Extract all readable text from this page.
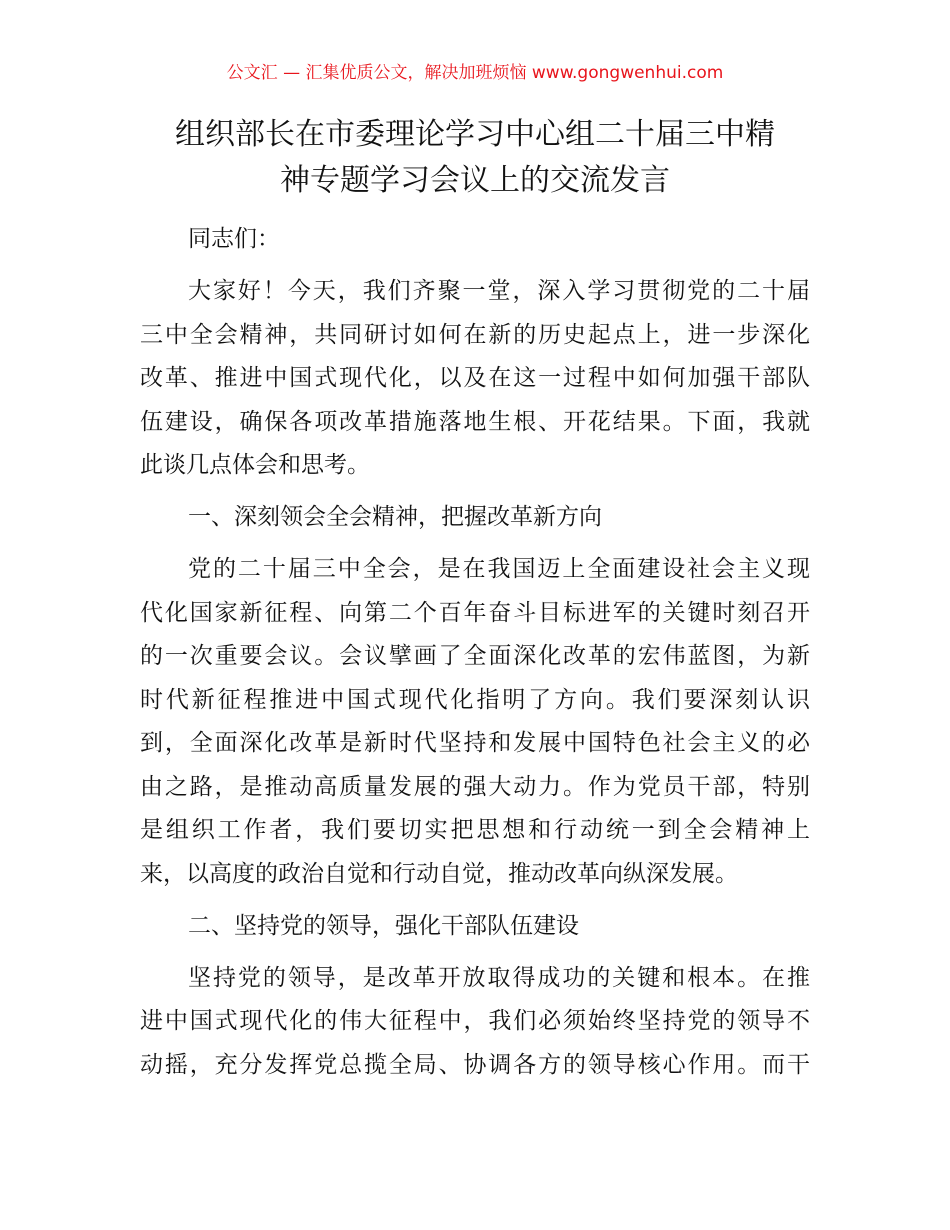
公文汇 — 汇集优质公文，解决加班烦恼 www.gongwenhui.com
组织部长在市委理论学习中心组二十届三中精
神专题学习会议上的交流发言
同志们：
大家好！今天，我们齐聚一堂，深入学习贯彻党的二十届
三中全会精神，共同研讨如何在新的历史起点上，进一步深化
改革、推进中国式现代化，以及在这一过程中如何加强干部队
伍建设，确保各项改革措施落地生根、开花结果。下面，我就
此谈几点体会和思考。
一、深刻领会全会精神，把握改革新方向
党的二十届三中全会，是在我国迈上全面建设社会主义现
代化国家新征程、向第二个百年奋斗目标进军的关键时刻召开
的一次重要会议。会议擘画了全面深化改革的宏伟蓝图，为新
时代新征程推进中国式现代化指明了方向。我们要深刻认识
到，全面深化改革是新时代坚持和发展中国特色社会主义的必
由之路，是推动高质量发展的强大动力。作为党员干部，特别
是组织工作者，我们要切实把思想和行动统一到全会精神上
来，以高度的政治自觉和行动自觉，推动改革向纵深发展。
二、坚持党的领导，强化干部队伍建设
坚持党的领导，是改革开放取得成功的关键和根本。在推
进中国式现代化的伟大征程中，我们必须始终坚持党的领导不
动摇，充分发挥党总揽全局、协调各方的领导核心作用。而干
